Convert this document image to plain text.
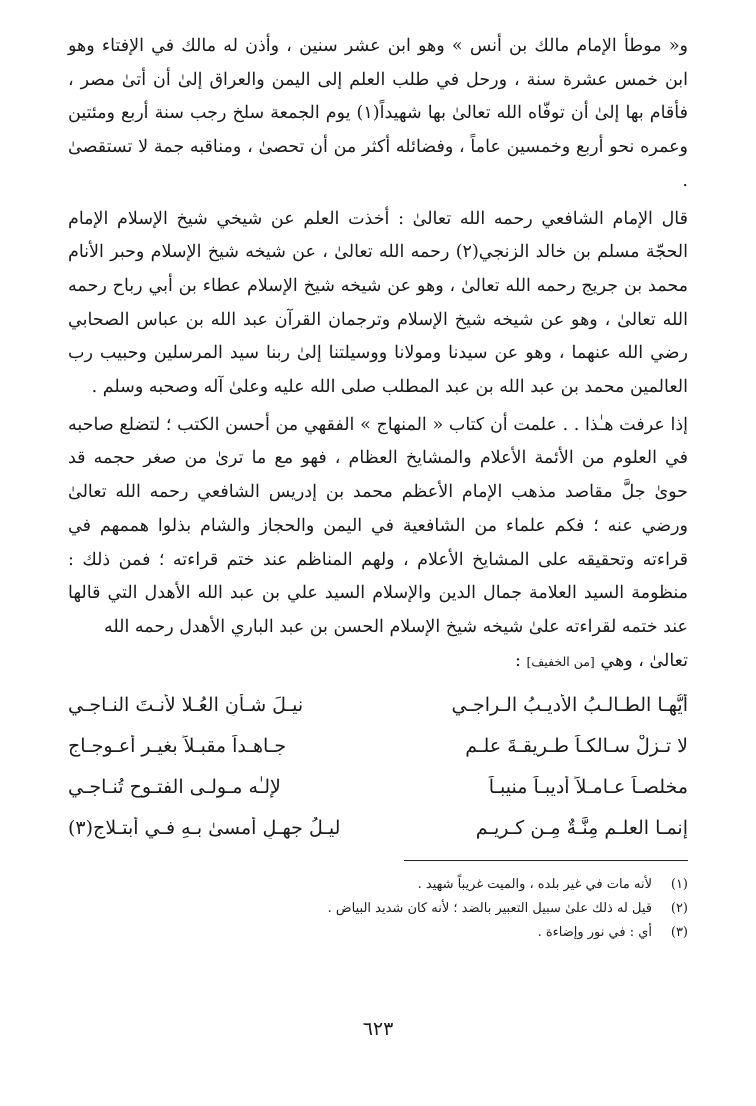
و« موطأ الإمام مالك بن أنس » وهو ابن عشر سنين ، وأذن له مالك في الإفتاء وهو ابن خمس عشرة سنة ، ورحل في طلب العلم إلى اليمن والعراق إلىٰ أن أتىٰ مصر ، فأقام بها إلىٰ أن توفّاه الله تعالىٰ بها شهيداً(١) يوم الجمعة سلخ رجب سنة أربع ومئتين وعمره نحو أربع وخمسين عاماً ، وفضائله أكثر من أن تحصىٰ ، ومناقبه جمة لا تستقصىٰ .

قال الإمام الشافعي رحمه الله تعالىٰ : أخذت العلم عن شيخي شيخ الإسلام الإمام الحجّة مسلم بن خالد الزنجي(٢) رحمه الله تعالىٰ ، عن شيخه شيخ الإسلام وحبر الأنام محمد بن جريج رحمه الله تعالىٰ ، وهو عن شيخه شيخ الإسلام عطاء بن أبي رباح رحمه الله تعالىٰ ، وهو عن شيخه شيخ الإسلام وترجمان القرآن عبد الله بن عباس الصحابي رضي الله عنهما ، وهو عن سيدنا ومولانا ووسيلتنا إلىٰ ربنا سيد المرسلين وحبيب رب العالمين محمد بن عبد الله بن عبد المطلب صلى الله عليه وعلىٰ آله وصحبه وسلم .

إذا عرفت هـٰذا . . علمت أن كتاب « المنهاج » الفقهي من أحسن الكتب ؛ لتضلع صاحبه في العلوم من الأئمة الأعلام والمشايخ العظام ، فهو مع ما ترىٰ من صغر حجمه قد حوىٰ جلَّ مقاصد مذهب الإمام الأعظم محمد بن إدريس الشافعي رحمه الله تعالىٰ ورضي عنه ؛ فكم علماء من الشافعية في اليمن والحجاز والشام بذلوا هممهم في قراءته وتحقيقه على المشايخ الأعلام ، ولهم المناظم عند ختم قراءته ؛ فمن ذلك : منظومة السيد العلامة جمال الدين والإسلام السيد علي بن عبد الله الأهدل التي قالها عند ختمه لقراءته علىٰ شيخه شيخ الإسلام الحسن بن عبد الباري الأهدل رحمه الله

تعالىٰ ، وهي [من الخفيف] :

أيُّهـا الطـالـبُ الأديـبُ الـراجـي
نيـلَ شـأنِ العُـلا لأنـتَ النـاجـي
لا تـزلْ سـالكـاً طـريقـةَ علـمٍ
جـاهـداً مقبـلاً بغيـر أعـوجـاجٍ
مخلصـاً عـامـلاً أديبـاً منيبـاً
لإلـٰه مـولـى الفتـوح تُنـاجـي
إنمـا العلـم مِنَّـةٌ مِـن كـريـمٍ
ليـلُ جهـلٍ أمسىٰ بـهِ فـي أبتـلاجِ(٣)
(١)
لأنه مات في غير بلده ، والميت غريباً شهيد .
(٢)
قيل له ذلك علىٰ سبيل التعبير بالضد ؛ لأنه كان شديد البياض .
(٣)
أي : في نور وإضاءة .
٦٢٣
